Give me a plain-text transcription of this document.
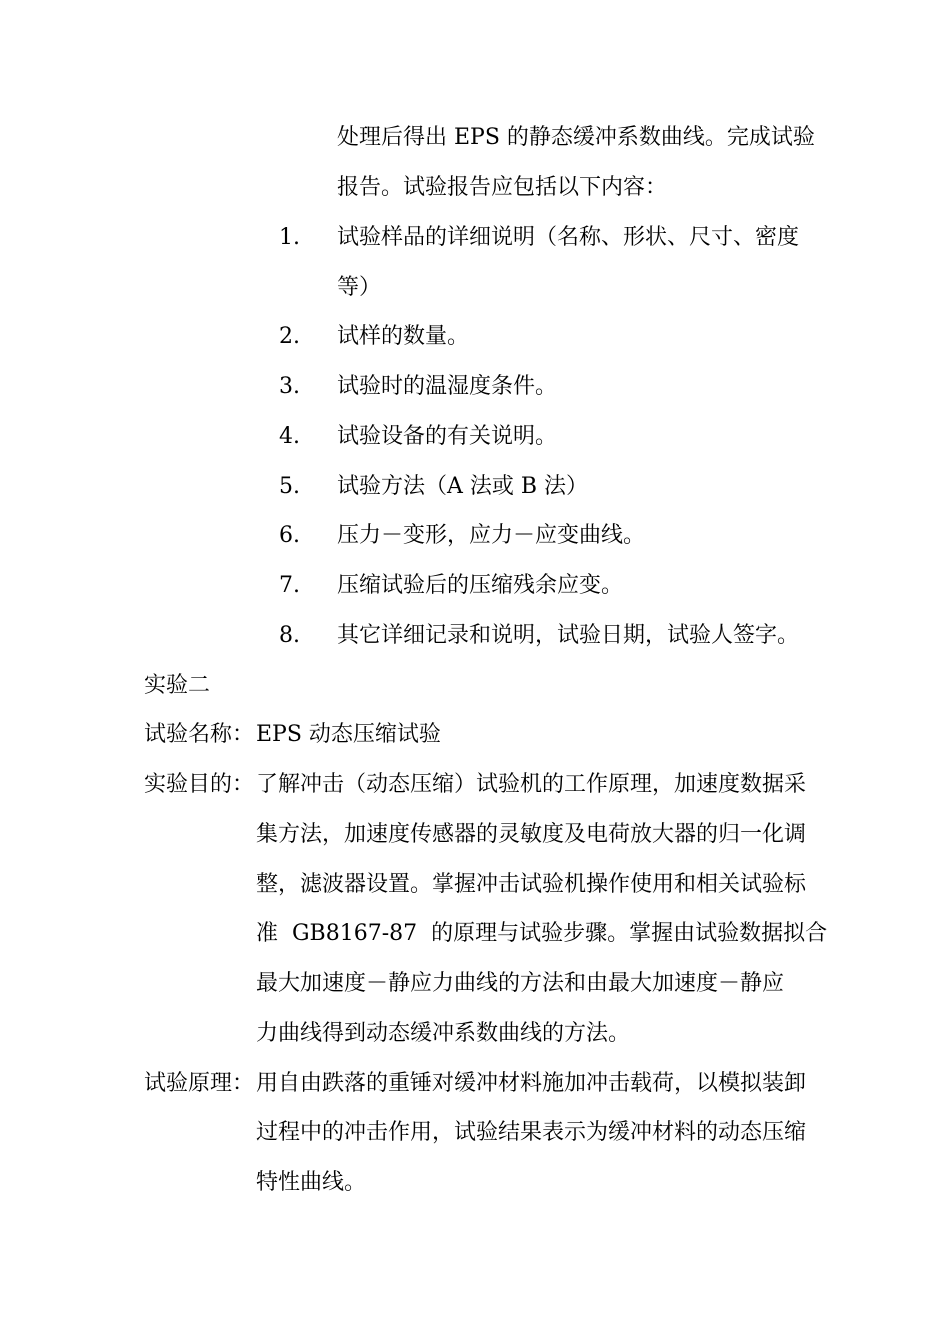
处理后得出 EPS 的静态缓冲系数曲线。完成试验
报告。试验报告应包括以下内容：
1. 试验样品的详细说明（名称、形状、尺寸、密度
等）
2. 试样的数量。
3. 试验时的温湿度条件。
4. 试验设备的有关说明。
5. 试验方法（A 法或 B 法）
6. 压力－变形，应力－应变曲线。
7. 压缩试验后的压缩残余应变。
8. 其它详细记录和说明，试验日期，试验人签字。
实验二
试验名称： EPS 动态压缩试验
实验目的： 了解冲击（动态压缩）试验机的工作原理，加速度数据采
集方法，加速度传感器的灵敏度及电荷放大器的归一化调
整，滤波器设置。掌握冲击试验机操作使用和相关试验标
准  GB8167-87  的原理与试验步骤。掌握由试验数据拟合
最大加速度－静应力曲线的方法和由最大加速度－静应
力曲线得到动态缓冲系数曲线的方法。
试验原理： 用自由跌落的重锤对缓冲材料施加冲击载荷，以模拟装卸
过程中的冲击作用，试验结果表示为缓冲材料的动态压缩
特性曲线。
